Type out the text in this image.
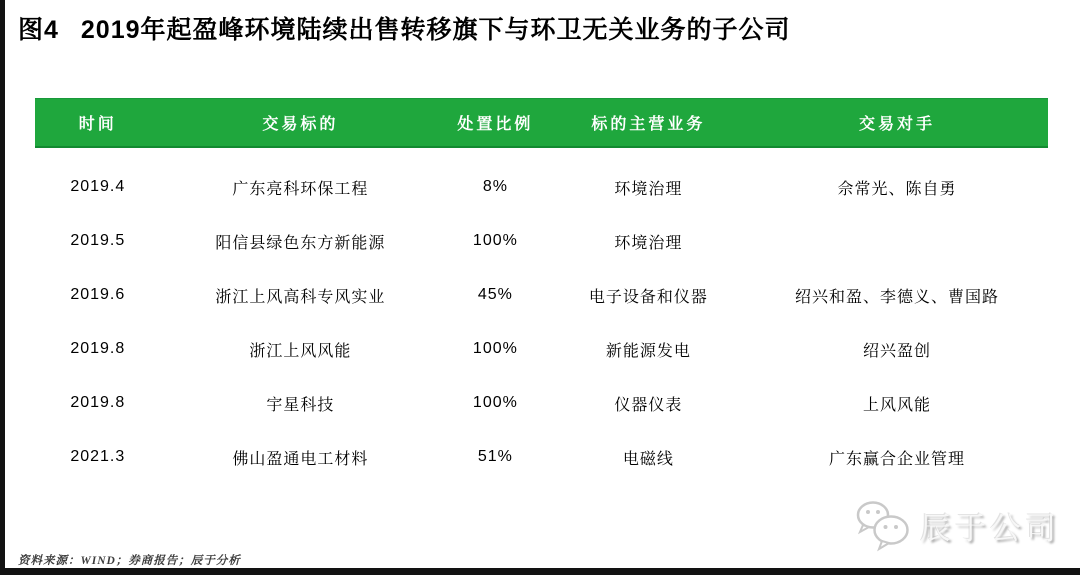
图4 2019年起盈峰环境陆续出售转移旗下与环卫无关业务的子公司
时间	交易标的	处置比例	标的主营业务	交易对手
2019.4	广东亮科环保工程	8%	环境治理	佘常光、陈自勇
2019.5	阳信县绿色东方新能源	100%	环境治理
2019.6	浙江上风高科专风实业	45%	电子设备和仪器	绍兴和盈、李德义、曹国路
2019.8	浙江上风风能	100%	新能源发电	绍兴盈创
2019.8	宇星科技	100%	仪器仪表	上风风能
2021.3	佛山盈通电工材料	51%	电磁线	广东赢合企业管理
资料来源：WIND；券商报告；辰于分析
辰于公司
